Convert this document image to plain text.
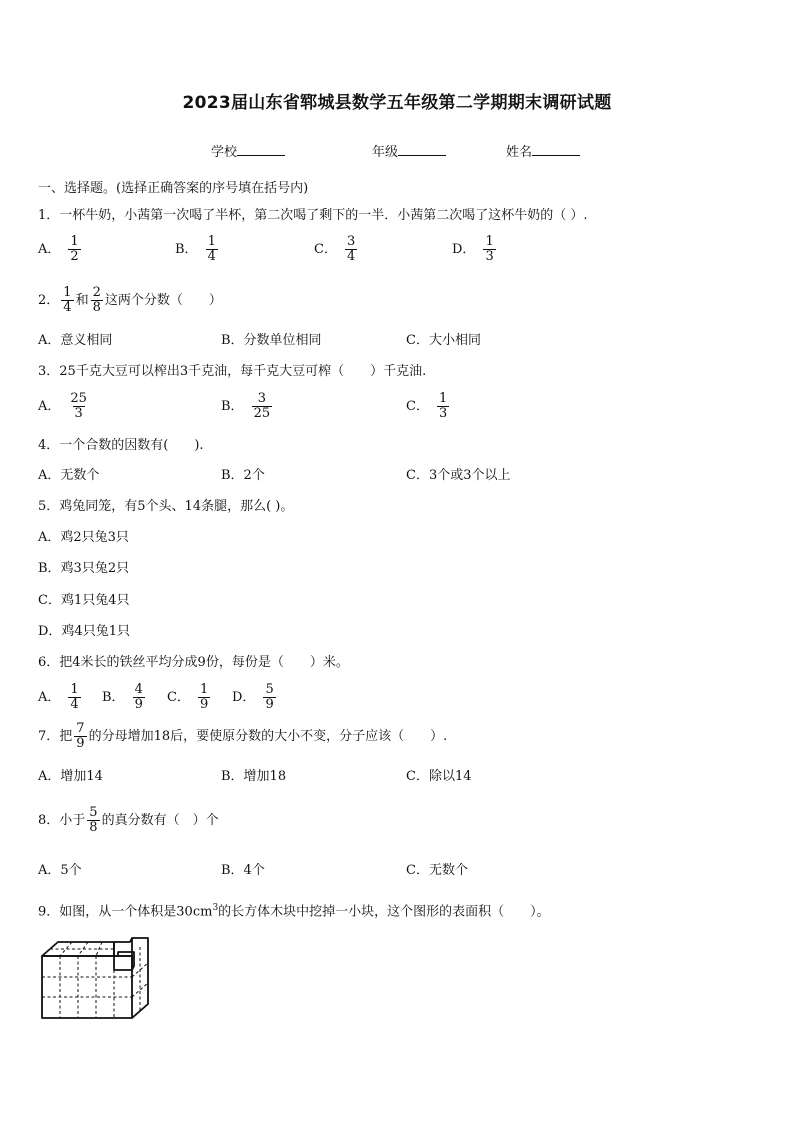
2023届山东省郓城县数学五年级第二学期期末调研试题
学校	年级	姓名
一、选择题。(选择正确答案的序号填在括号内)
1．一杯牛奶，小茜第一次喝了半杯，第二次喝了剩下的一半．小茜第二次喝了这杯牛奶的（ ）.
A． $\frac{1}{2}$	B． $\frac{1}{4}$	C． $\frac{3}{4}$	D． $\frac{1}{3}$
2． $\frac{1}{4}$ 和 $\frac{2}{8}$ 这两个分数（　　）
A．意义相同	B．分数单位相同	C．大小相同
3．25千克大豆可以榨出3千克油，每千克大豆可榨（　　）千克油.
A． $\frac{25}{3}$	B． $\frac{3}{25}$	C． $\frac{1}{3}$
4．一个合数的因数有(　　).
A．无数个	B．2个	C．3个或3个以上
5．鸡兔同笼，有5个头、14条腿，那么( )。
A．鸡2只兔3只
B．鸡3只兔2只
C．鸡1只兔4只
D．鸡4只兔1只
6．把4米长的铁丝平均分成9份，每份是（　　）米。
A． $\frac{1}{4}$ B． $\frac{4}{9}$ C． $\frac{1}{9}$ D． $\frac{5}{9}$
7．把 $\frac{7}{9}$ 的分母增加18后，要使原分数的大小不变，分子应该（　　）.
A．增加14	B．增加18	C．除以14
8．小于 $\frac{5}{8}$ 的真分数有（　）个
A．5个	B．4个	C．无数个
9．如图，从一个体积是$30cm^3$的长方体木块中挖掉一小块，这个图形的表面积（　　）。
